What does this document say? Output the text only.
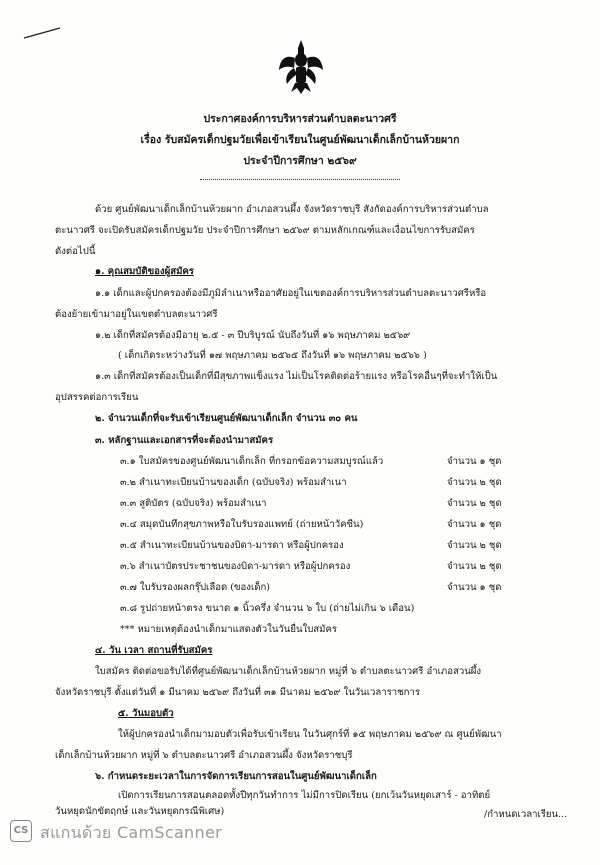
ประกาศองค์การบริหารส่วนตำบลตะนาวศรี
เรื่อง รับสมัครเด็กปฐมวัยเพื่อเข้าเรียนในศูนย์พัฒนาเด็กเล็กบ้านห้วยผาก
ประจำปีการศึกษา ๒๕๖๙
ด้วย ศูนย์พัฒนาเด็กเล็กบ้านห้วยผาก อำเภอสวนผึ้ง จังหวัดราชบุรี สังกัดองค์การบริหารส่วนตำบล
ตะนาวศรี จะเปิดรับสมัครเด็กปฐมวัย ประจำปีการศึกษา ๒๕๖๙ ตามหลักเกณฑ์และเงื่อนไขการรับสมัคร
ดังต่อไปนี้
๑. คุณสมบัติของผู้สมัคร
๑.๑ เด็กและผู้ปกครองต้องมีภูมิลำเนาหรืออาศัยอยู่ในเขตองค์การบริหารส่วนตำบลตะนาวศรีหรือ
ต้องย้ายเข้ามาอยู่ในเขตตำบลตะนาวศรี
๑.๒ เด็กที่สมัครต้องมีอายุ ๒.๕ - ๓ ปีบริบูรณ์ นับถึงวันที่ ๑๖ พฤษภาคม ๒๕๖๙
( เด็กเกิดระหว่างวันที่ ๑๗ พฤษภาคม ๒๕๖๕ ถึงวันที่ ๑๖ พฤษภาคม ๒๕๖๖ )
๑.๓ เด็กที่สมัครต้องเป็นเด็กที่มีสุขภาพแข็งแรง ไม่เป็นโรคติดต่อร้ายแรง หรือโรคอื่นๆที่จะทำให้เป็น
อุปสรรคต่อการเรียน
๒. จำนวนเด็กที่จะรับเข้าเรียนศูนย์พัฒนาเด็กเล็ก จำนวน ๓๐ คน
๓. หลักฐานและเอกสารที่จะต้องนำมาสมัคร
๓.๑ ใบสมัครของศูนย์พัฒนาเด็กเล็ก ที่กรอกข้อความสมบูรณ์แล้ว	จำนวน ๑ ชุด
๓.๒ สำเนาทะเบียนบ้านของเด็ก (ฉบับจริง) พร้อมสำเนา	จำนวน ๒ ชุด
๓.๓ สูติบัตร (ฉบับจริง) พร้อมสำเนา	จำนวน ๒ ชุด
๓.๔ สมุดบันทึกสุขภาพหรือใบรับรองแพทย์ (ถ่ายหน้าวัคซีน)	จำนวน ๑ ชุด
๓.๕ สำเนาทะเบียนบ้านของบิดา-มารดา หรือผู้ปกครอง	จำนวน ๒ ชุด
๓.๖ สำเนาบัตรประชาชนของบิดา-มารดา หรือผู้ปกครอง	จำนวน ๒ ชุด
๓.๗ ใบรับรองผลกรุ๊ปเลือด (ของเด็ก)	จำนวน ๑ ชุด
๓.๘ รูปถ่ายหน้าตรง ขนาด ๑ นิ้วครึ่ง จำนวน ๖ ใบ (ถ่ายไม่เกิน ๖ เดือน)
*** หมายเหตุต้องนำเด็กมาแสดงตัวในวันยื่นใบสมัคร
๔. วัน เวลา สถานที่รับสมัคร
ใบสมัคร ติดต่อขอรับได้ที่ศูนย์พัฒนาเด็กเล็กบ้านห้วยผาก หมู่ที่ ๖ ตำบลตะนาวศรี อำเภอสวนผึ้ง
จังหวัดราชบุรี ตั้งแต่วันที่ ๑ มีนาคม ๒๕๖๙ ถึงวันที่ ๓๑ มีนาคม ๒๕๖๙ ในวันเวลาราชการ
๕. วันมอบตัว
ให้ผู้ปกครองนำเด็กมามอบตัวเพื่อรับเข้าเรียน ในวันศุกร์ที่ ๑๕ พฤษภาคม ๒๕๖๙ ณ ศูนย์พัฒนา
เด็กเล็กบ้านห้วยผาก หมู่ที่ ๖ ตำบลตะนาวศรี อำเภอสวนผึ้ง จังหวัดราชบุรี
๖. กำหนดระยะเวลาในการจัดการเรียนการสอนในศูนย์พัฒนาเด็กเล็ก
เปิดการเรียนการสอนตลอดทั้งปีทุกวันทำการ ไม่มีการปิดเรียน (ยกเว้นวันหยุดเสาร์ - อาทิตย์
วันหยุดนักขัตฤกษ์ และวันหยุดกรณีพิเศษ)	/กำหนดเวลาเรียน...
CS สแกนด้วย CamScanner
